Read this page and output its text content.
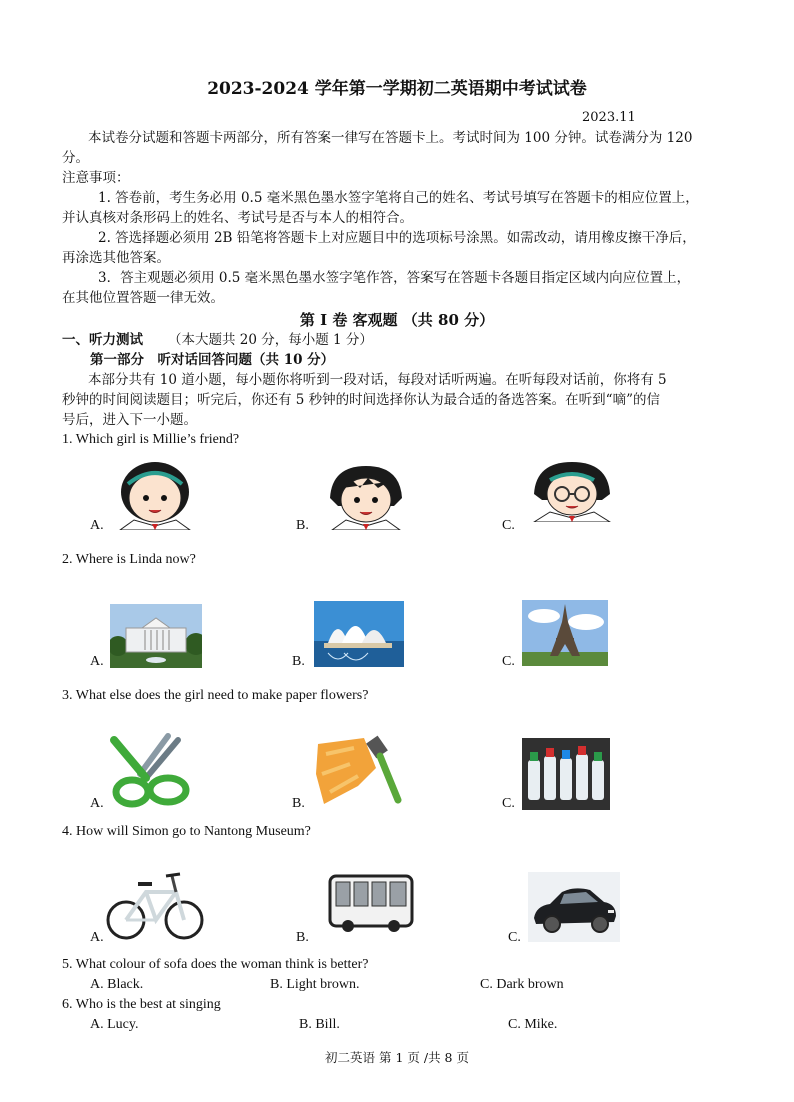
2023-2024 学年第一学期初二英语期中考试试卷
2023.11
本试卷分试题和答题卡两部分，所有答案一律写在答题卡上。考试时间为 100 分钟。试卷满分为 120
分。
注意事项：
1. 答卷前，考生务必用 0.5 毫米黑色墨水签字笔将自己的姓名、考试号填写在答题卡的相应位置上，
并认真核对条形码上的姓名、考试号是否与本人的相符合。
2. 答选择题必须用 2B 铅笔将答题卡上对应题目中的选项标号涂黑。如需改动，请用橡皮擦干净后，
再涂选其他答案。
3．答主观题必须用 0.5 毫米黑色墨水签字笔作答，答案写在答题卡各题目指定区域内向应位置上，
在其他位置答题一律无效。
第 I 卷 客观题 （共 80 分）
一、听力测试 （本大题共 20 分，每小题 1 分）
第一部分　听对话回答问题（共 10 分）
本部分共有 10 道小题，每小题你将听到一段对话，每段对话听两遍。在听每段对话前，你将有 5
秒钟的时间阅读题目；听完后，你还有 5 秒钟的时间选择你认为最合适的备选答案。在听到“嘀”的信
号后，进入下一小题。
1. Which girl is Millie’s friend?
A.	B.	C.
2. Where is Linda now?
A.	B.	C.
3. What else does the girl need to make paper flowers?
A.	B.	C.
4. How will Simon go to Nantong Museum?
A.	B.	C.
5. What colour of sofa does the woman think is better?
A. Black.	B. Light brown.	C. Dark brown
6. Who is the best at singing
A. Lucy.	B. Bill.	C. Mike.
初二英语 第 1 页 /共 8 页
